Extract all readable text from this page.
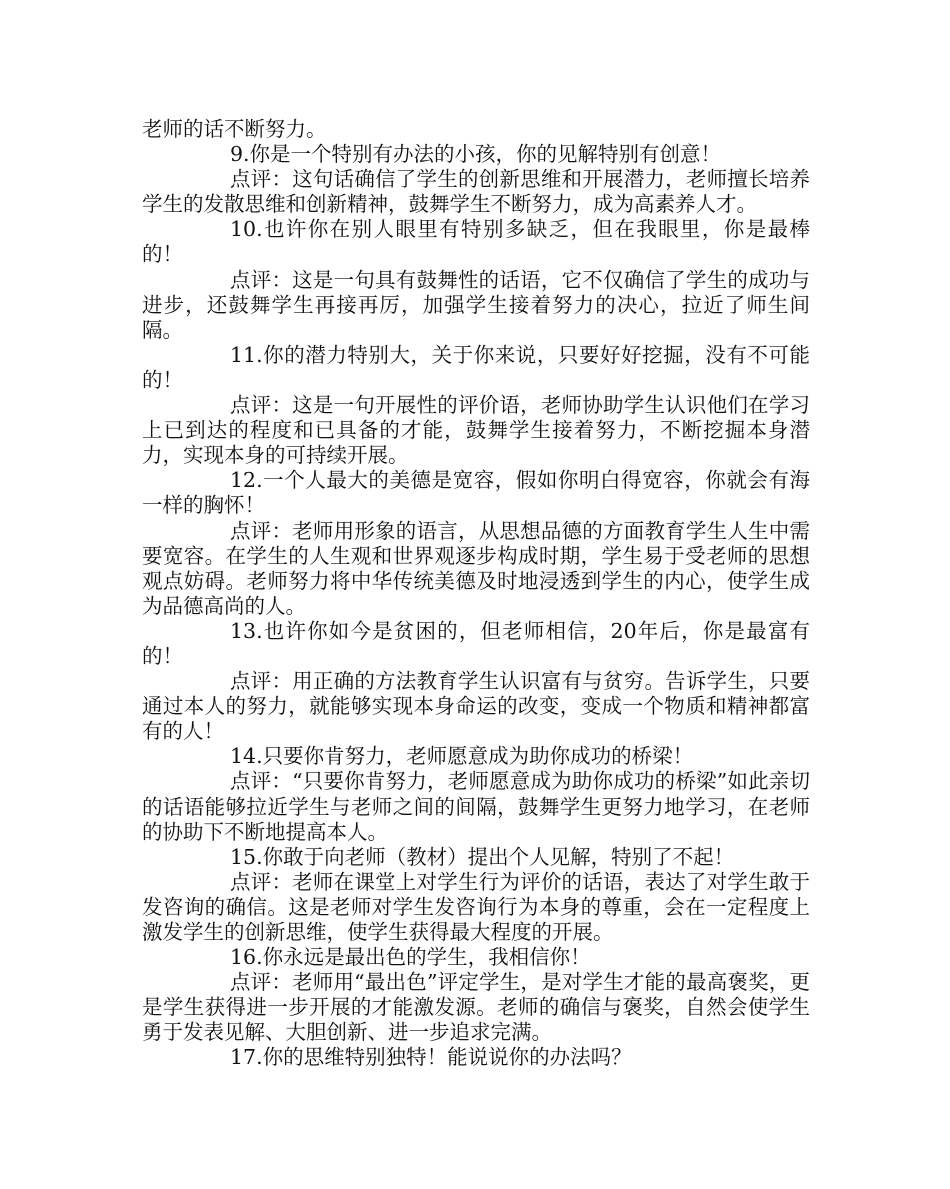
老师的话不断努力。

9.你是一个特别有办法的小孩，你的见解特别有创意！

点评：这句话确信了学生的创新思维和开展潜力，老师擅长培养学生的发散思维和创新精神，鼓舞学生不断努力，成为高素养人才。

10.也许你在别人眼里有特别多缺乏，但在我眼里，你是最棒的！

点评：这是一句具有鼓舞性的话语，它不仅确信了学生的成功与进步，还鼓舞学生再接再厉，加强学生接着努力的决心，拉近了师生间隔。

11.你的潜力特别大，关于你来说，只要好好挖掘，没有不可能的！

点评：这是一句开展性的评价语，老师协助学生认识他们在学习上已到达的程度和已具备的才能，鼓舞学生接着努力，不断挖掘本身潜力，实现本身的可持续开展。

12.一个人最大的美德是宽容，假如你明白得宽容，你就会有海一样的胸怀！

点评：老师用形象的语言，从思想品德的方面教育学生人生中需要宽容。在学生的人生观和世界观逐步构成时期，学生易于受老师的思想观点妨碍。老师努力将中华传统美德及时地浸透到学生的内心，使学生成为品德高尚的人。

13.也许你如今是贫困的，但老师相信，20年后，你是最富有的！

点评：用正确的方法教育学生认识富有与贫穷。告诉学生，只要通过本人的努力，就能够实现本身命运的改变，变成一个物质和精神都富有的人！

14.只要你肯努力，老师愿意成为助你成功的桥梁！

点评：“只要你肯努力，老师愿意成为助你成功的桥梁”如此亲切的话语能够拉近学生与老师之间的间隔，鼓舞学生更努力地学习，在老师的协助下不断地提高本人。

15.你敢于向老师（教材）提出个人见解，特别了不起！

点评：老师在课堂上对学生行为评价的话语，表达了对学生敢于发咨询的确信。这是老师对学生发咨询行为本身的尊重，会在一定程度上激发学生的创新思维，使学生获得最大程度的开展。

16.你永远是最出色的学生，我相信你！

点评：老师用“最出色”评定学生，是对学生才能的最高褒奖，更是学生获得进一步开展的才能激发源。老师的确信与褒奖，自然会使学生勇于发表见解、大胆创新、进一步追求完满。

17.你的思维特别独特！能说说你的办法吗？
